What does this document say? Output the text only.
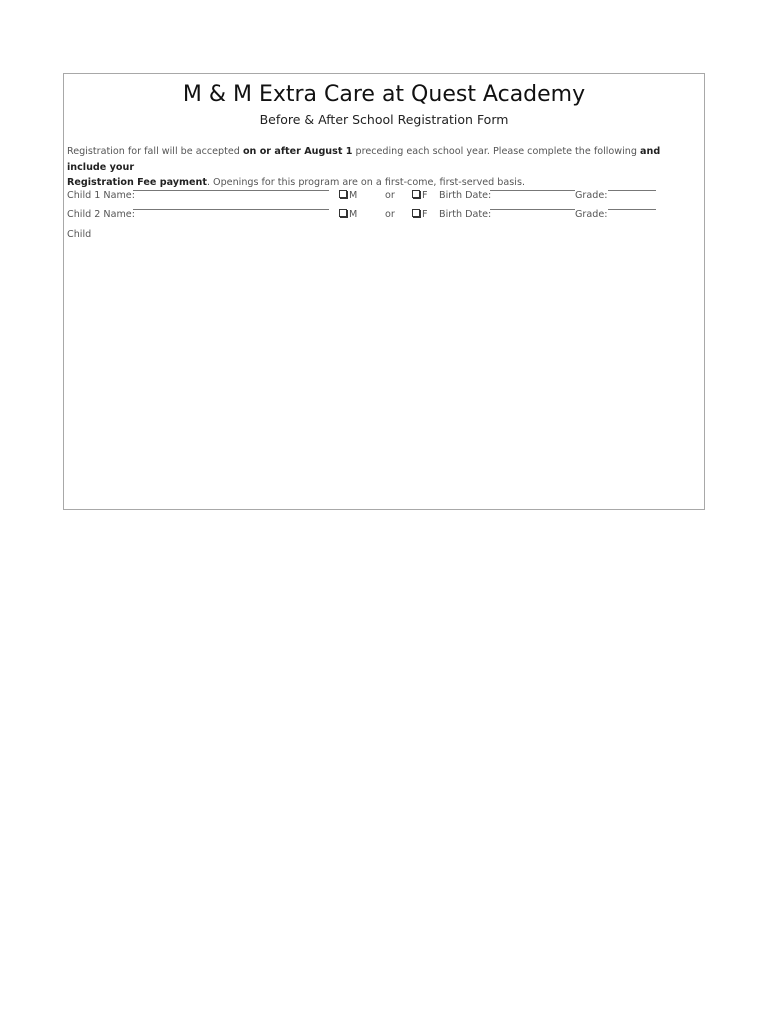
M & M Extra Care at Quest Academy
Before & After School Registration Form
Registration for fall will be accepted on or after August 1 preceding each school year. Please complete the following and include your
Registration Fee payment. Openings for this program are on a first-come, first-served basis.
Child 1 Name:	M	or	F Birth Date:	Grade:
Child 2 Name:	M	or	F Birth Date:	Grade:
Child
